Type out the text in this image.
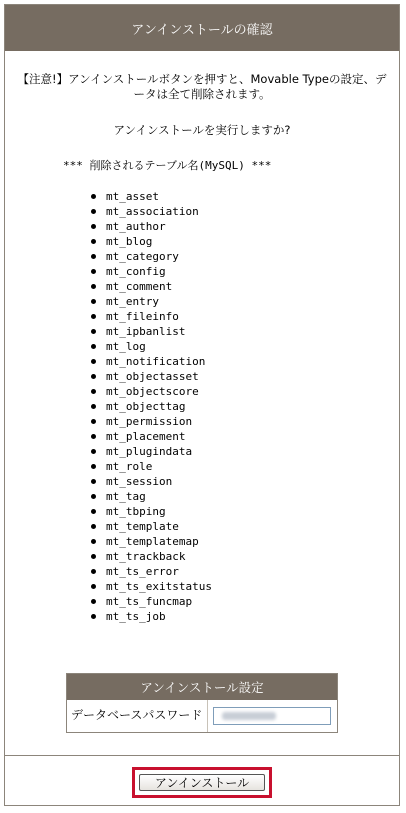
アンインストールの確認
【注意!】アンインストールボタンを押すと、Movable Typeの設定、データは全て削除されます。
アンインストールを実行しますか?
*** 削除されるテーブル名(MySQL) ***
mt_asset
mt_association
mt_author
mt_blog
mt_category
mt_config
mt_comment
mt_entry
mt_fileinfo
mt_ipbanlist
mt_log
mt_notification
mt_objectasset
mt_objectscore
mt_objecttag
mt_permission
mt_placement
mt_plugindata
mt_role
mt_session
mt_tag
mt_tbping
mt_template
mt_templatemap
mt_trackback
mt_ts_error
mt_ts_exitstatus
mt_ts_funcmap
mt_ts_job
アンインストール設定
データベースパスワード
アンインストール
